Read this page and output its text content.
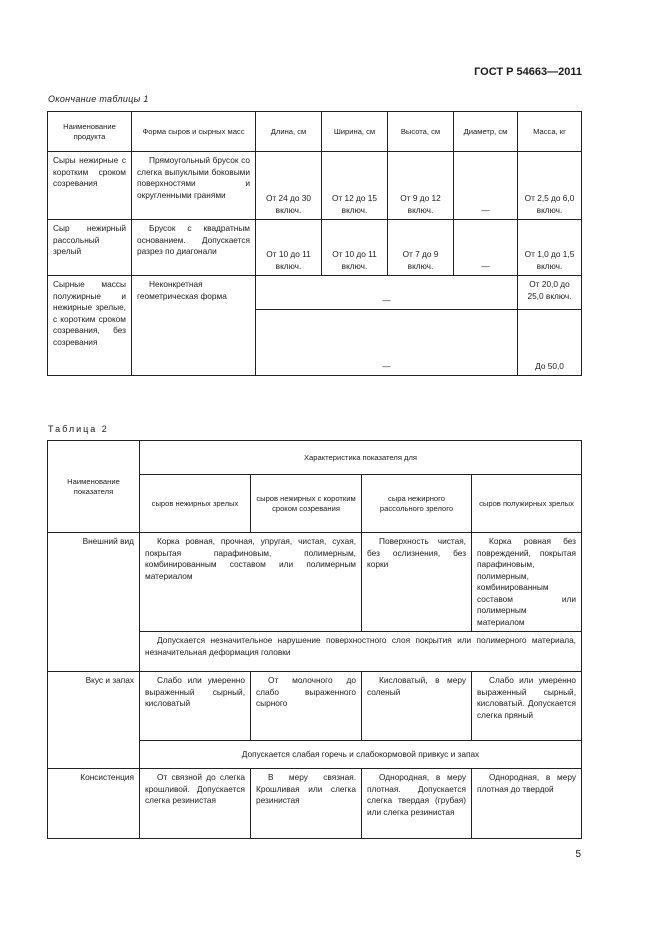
ГОСТ Р 54663—2011
Окончание таблицы 1
Наименование продукта	Форма сыров и сырных масс	Длина, см	Ширина, см	Высота, см	Диаметр, см	Масса, кг
Сыры нежирные с коротким сроком созревания	Прямоугольный брусок со слегка выпуклыми боковыми поверхностями и округленными гранями	От 24 до 30 включ.	От 12 до 15 включ.	От 9 до 12 включ.	—	От 2,5 до 6,0 включ.
Сыр нежирный рассольный зрелый	Брусок с квадратным основанием. Допускается разрез по диагонали	От 10 до 11 включ.	От 10 до 11 включ.	От 7 до 9 включ.	—	От 1,0 до 1,5 включ.
Сырные массы полужирные и нежирные зрелые, с коротким сроком созревания, без созревания	Неконкретная геометрическая форма	—				От 20,0 до 25,0 включ.
		—				До 50,0
Таблица 2
Наименование показателя	Характеристика показателя для			
	сыров нежирных зрелых	сыров нежирных с коротким сроком созревания	сыра нежирного рассольного зрелого	сыров полужирных зрелых
Внешний вид	Корка ровная, прочная, упругая, чистая, сухая, покрытая парафиновым, полимерным, комбинированным составом или полимерным материалом		Поверхность чистая, без ослизнения, без корки	Корка ровная без повреждений, покрытая парафиновым, полимерным, комбинированным составом или полимерным материалом
	Допускается незначительное нарушение поверхностного слоя покрытия или полимерного материала, незначительная деформация головки			
Вкус и запах	Слабо или умеренно выраженный сырный, кисловатый	От молочного до слабо выраженного сырного	Кисловатый, в меру соленый	Слабо или умеренно выраженный сырный, кисловатый. Допускается слегка пряный
	Допускается слабая горечь и слабокормовой привкус и запах			
Консистенция	От связной до слегка крошливой. Допускается слегка резинистая	В меру связная. Крошливая или слегка резинистая	Однородная, в меру плотная. Допускается слегка твердая (грубая) или слегка резинистая	Однородная, в меру плотная до твердой
5
